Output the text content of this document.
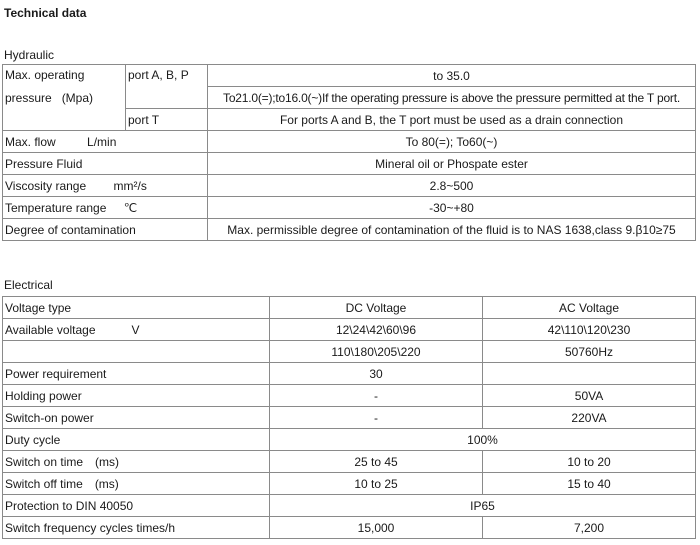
Technical data
Hydraulic
Max. operating
pressure   (Mpa)	port A, B, P	to 35.0
		To21.0(=);to16.0(~)If the operating pressure is above the pressure permitted at the T port.
	port T	For ports A and B, the T port must be used as a drain connection
Max. flow L/min		To 80(=); To60(~)
Pressure Fluid		Mineral oil or Phospate ester
Viscosity range mm²/s		2.8~500
Temperature range ℃		-30~+80
Degree of contamination		Max. permissible degree of contamination of the fluid is to NAS 1638,class 9.β10≥75
Electrical
Voltage type	DC Voltage	AC Voltage
Available voltage V	12\24\42\60\96	42\110\120\230
	110\180\205\220	50760Hz
Power requirement	30	
Holding power	-	50VA
Switch-on power	-	220VA
Duty cycle	100%	
Switch on time (ms)	25 to 45	10 to 20
Switch off time (ms)	10 to 25	15 to 40
Protection to DIN 40050	IP65	
Switch frequency cycles times/h	15,000	7,200
